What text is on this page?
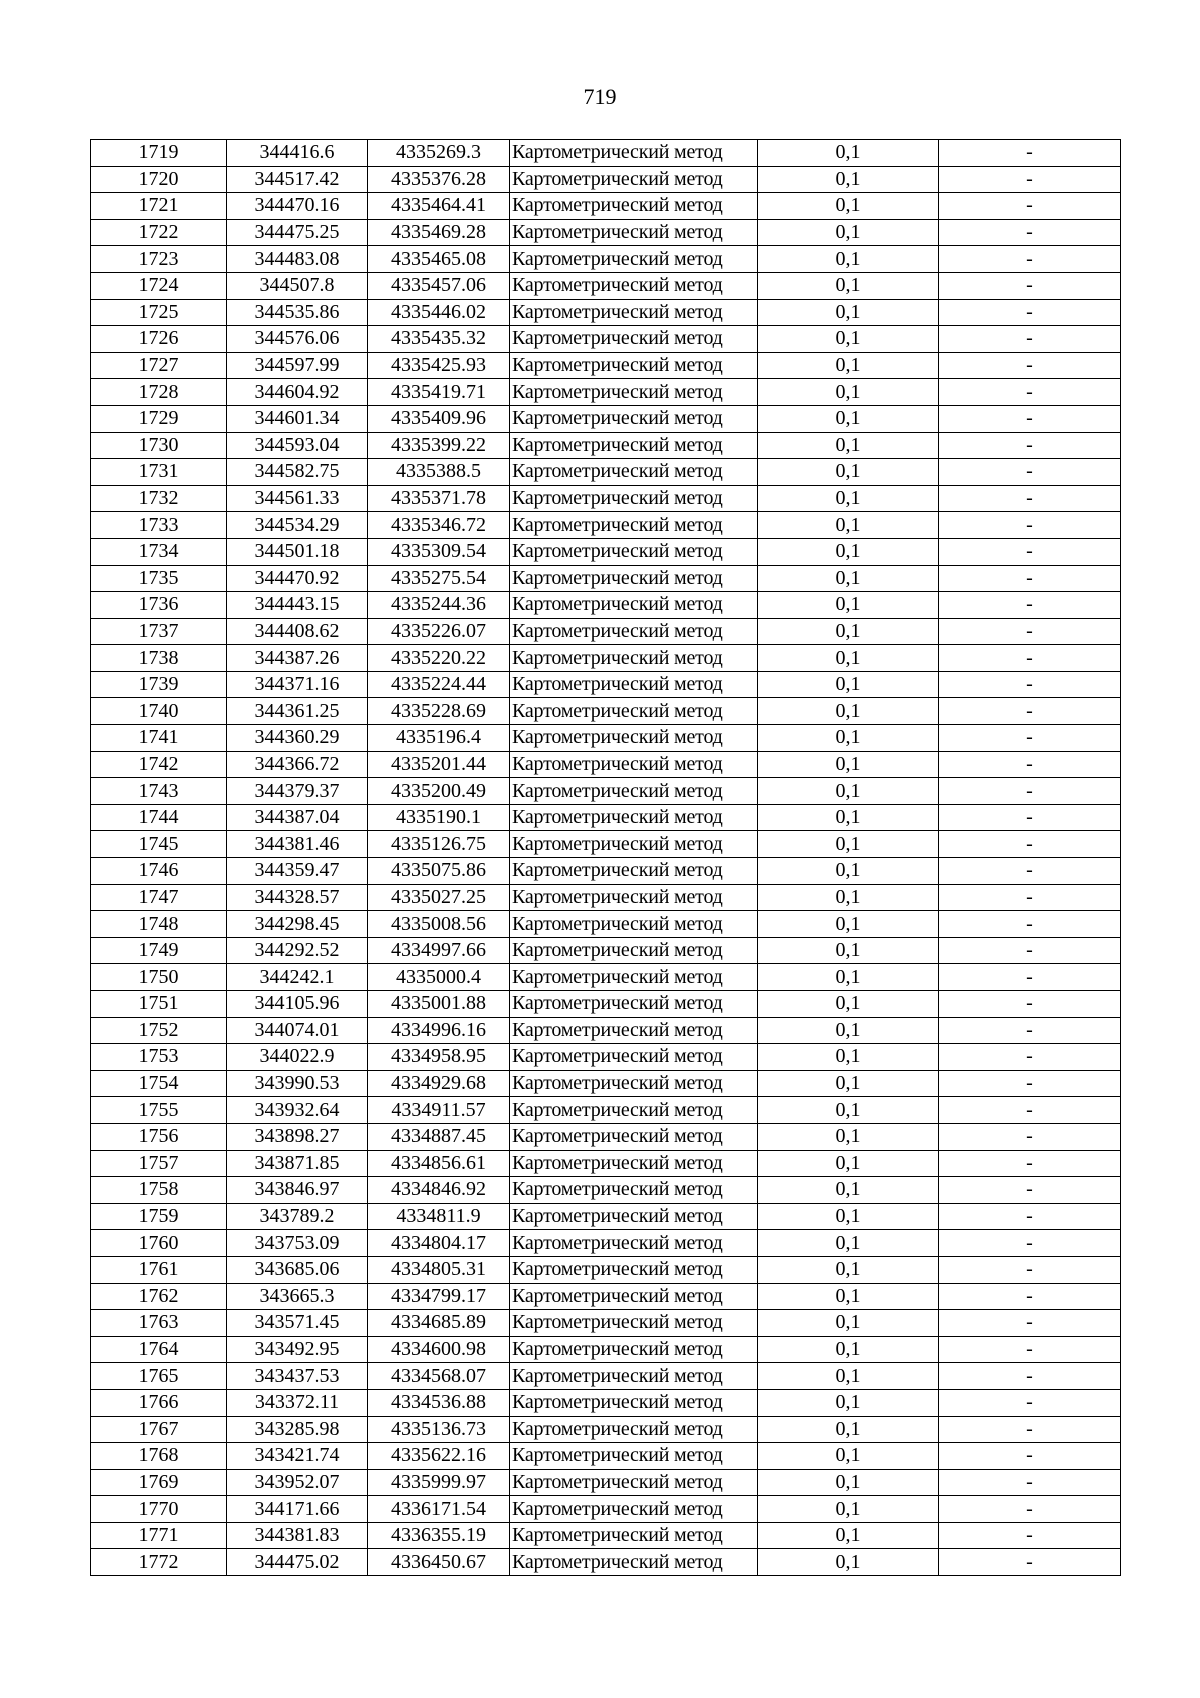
719
1719	344416.6	4335269.3	Картометрический метод	0,1	-
1720	344517.42	4335376.28	Картометрический метод	0,1	-
1721	344470.16	4335464.41	Картометрический метод	0,1	-
1722	344475.25	4335469.28	Картометрический метод	0,1	-
1723	344483.08	4335465.08	Картометрический метод	0,1	-
1724	344507.8	4335457.06	Картометрический метод	0,1	-
1725	344535.86	4335446.02	Картометрический метод	0,1	-
1726	344576.06	4335435.32	Картометрический метод	0,1	-
1727	344597.99	4335425.93	Картометрический метод	0,1	-
1728	344604.92	4335419.71	Картометрический метод	0,1	-
1729	344601.34	4335409.96	Картометрический метод	0,1	-
1730	344593.04	4335399.22	Картометрический метод	0,1	-
1731	344582.75	4335388.5	Картометрический метод	0,1	-
1732	344561.33	4335371.78	Картометрический метод	0,1	-
1733	344534.29	4335346.72	Картометрический метод	0,1	-
1734	344501.18	4335309.54	Картометрический метод	0,1	-
1735	344470.92	4335275.54	Картометрический метод	0,1	-
1736	344443.15	4335244.36	Картометрический метод	0,1	-
1737	344408.62	4335226.07	Картометрический метод	0,1	-
1738	344387.26	4335220.22	Картометрический метод	0,1	-
1739	344371.16	4335224.44	Картометрический метод	0,1	-
1740	344361.25	4335228.69	Картометрический метод	0,1	-
1741	344360.29	4335196.4	Картометрический метод	0,1	-
1742	344366.72	4335201.44	Картометрический метод	0,1	-
1743	344379.37	4335200.49	Картометрический метод	0,1	-
1744	344387.04	4335190.1	Картометрический метод	0,1	-
1745	344381.46	4335126.75	Картометрический метод	0,1	-
1746	344359.47	4335075.86	Картометрический метод	0,1	-
1747	344328.57	4335027.25	Картометрический метод	0,1	-
1748	344298.45	4335008.56	Картометрический метод	0,1	-
1749	344292.52	4334997.66	Картометрический метод	0,1	-
1750	344242.1	4335000.4	Картометрический метод	0,1	-
1751	344105.96	4335001.88	Картометрический метод	0,1	-
1752	344074.01	4334996.16	Картометрический метод	0,1	-
1753	344022.9	4334958.95	Картометрический метод	0,1	-
1754	343990.53	4334929.68	Картометрический метод	0,1	-
1755	343932.64	4334911.57	Картометрический метод	0,1	-
1756	343898.27	4334887.45	Картометрический метод	0,1	-
1757	343871.85	4334856.61	Картометрический метод	0,1	-
1758	343846.97	4334846.92	Картометрический метод	0,1	-
1759	343789.2	4334811.9	Картометрический метод	0,1	-
1760	343753.09	4334804.17	Картометрический метод	0,1	-
1761	343685.06	4334805.31	Картометрический метод	0,1	-
1762	343665.3	4334799.17	Картометрический метод	0,1	-
1763	343571.45	4334685.89	Картометрический метод	0,1	-
1764	343492.95	4334600.98	Картометрический метод	0,1	-
1765	343437.53	4334568.07	Картометрический метод	0,1	-
1766	343372.11	4334536.88	Картометрический метод	0,1	-
1767	343285.98	4335136.73	Картометрический метод	0,1	-
1768	343421.74	4335622.16	Картометрический метод	0,1	-
1769	343952.07	4335999.97	Картометрический метод	0,1	-
1770	344171.66	4336171.54	Картометрический метод	0,1	-
1771	344381.83	4336355.19	Картометрический метод	0,1	-
1772	344475.02	4336450.67	Картометрический метод	0,1	-
